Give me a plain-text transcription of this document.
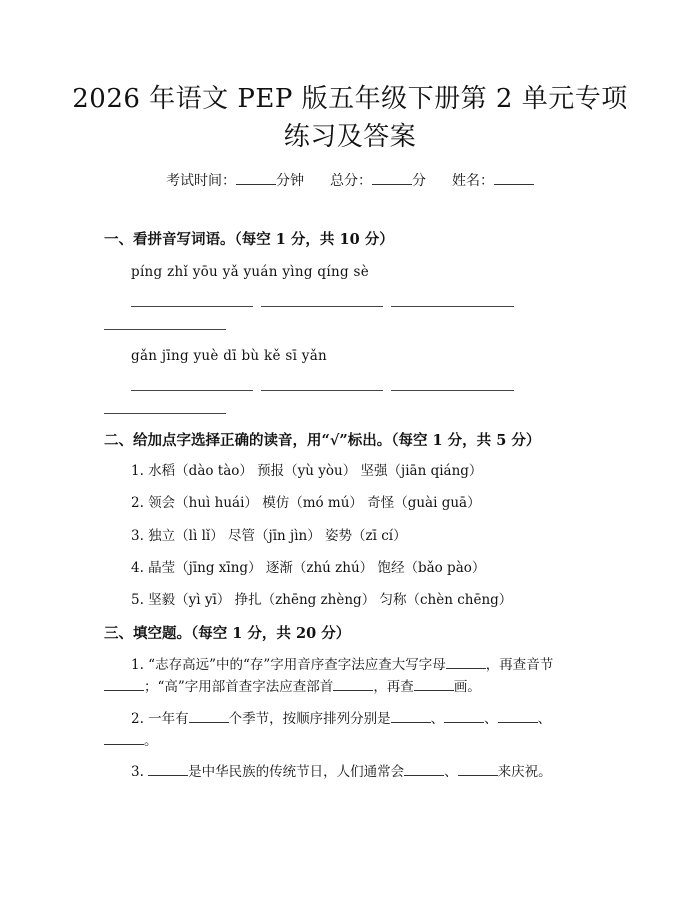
2026 年语文 PEP 版五年级下册第 2 单元专项
练习及答案
考试时间：	分钟 总分：	分 姓名：
一、看拼音写词语。（每空 1 分，共 10 分）
píng zhǐ yōu yǎ yuán yìng qíng sè
gǎn jīng yuè dī bù kě sī yǎn
二、给加点字选择正确的读音，用“√”标出。（每空 1 分，共 5 分）
1. 水稻（dào tào） 预报（yù yòu） 坚强（jiān qiáng）
2. 领会（huì huái） 模仿（mó mú） 奇怪（guài guā）
3. 独立（lì lǐ） 尽管（jīn jìn） 姿势（zī cí）
4. 晶莹（jīng xīng） 逐渐（zhú zhú） 饱经（bǎo pào）
5. 坚毅（yì yī） 挣扎（zhēng zhèng） 匀称（chèn chēng）
三、填空题。（每空 1 分，共 20 分）
1. “志存高远”中的“存”字用音序查字法应查大写字母	，再查音节
；“高”字用部首查字法应查部首	，再查	画。
2. 一年有	个季节，按顺序排列分别是	、	、	、
。
3.	是中华民族的传统节日，人们通常会	、	来庆祝。
